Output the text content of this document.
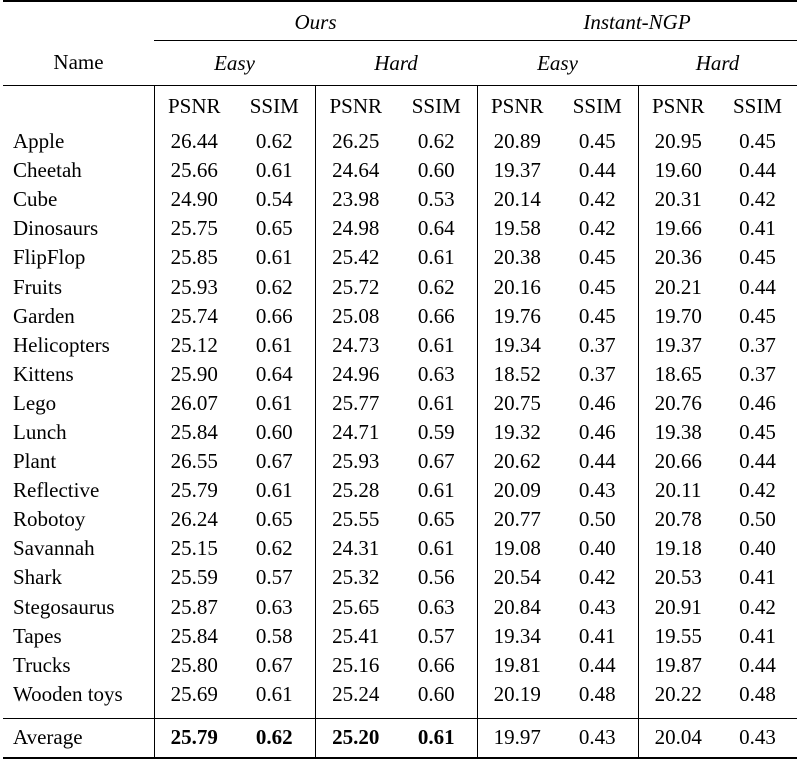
	Ours				Instant-NGP			
Name	Easy		Hard		Easy		Hard	
	PSNR	SSIM	PSNR	SSIM	PSNR	SSIM	PSNR	SSIM
Apple	26.44	0.62	26.25	0.62	20.89	0.45	20.95	0.45
Cheetah	25.66	0.61	24.64	0.60	19.37	0.44	19.60	0.44
Cube	24.90	0.54	23.98	0.53	20.14	0.42	20.31	0.42
Dinosaurs	25.75	0.65	24.98	0.64	19.58	0.42	19.66	0.41
FlipFlop	25.85	0.61	25.42	0.61	20.38	0.45	20.36	0.45
Fruits	25.93	0.62	25.72	0.62	20.16	0.45	20.21	0.44
Garden	25.74	0.66	25.08	0.66	19.76	0.45	19.70	0.45
Helicopters	25.12	0.61	24.73	0.61	19.34	0.37	19.37	0.37
Kittens	25.90	0.64	24.96	0.63	18.52	0.37	18.65	0.37
Lego	26.07	0.61	25.77	0.61	20.75	0.46	20.76	0.46
Lunch	25.84	0.60	24.71	0.59	19.32	0.46	19.38	0.45
Plant	26.55	0.67	25.93	0.67	20.62	0.44	20.66	0.44
Reflective	25.79	0.61	25.28	0.61	20.09	0.43	20.11	0.42
Robotoy	26.24	0.65	25.55	0.65	20.77	0.50	20.78	0.50
Savannah	25.15	0.62	24.31	0.61	19.08	0.40	19.18	0.40
Shark	25.59	0.57	25.32	0.56	20.54	0.42	20.53	0.41
Stegosaurus	25.87	0.63	25.65	0.63	20.84	0.43	20.91	0.42
Tapes	25.84	0.58	25.41	0.57	19.34	0.41	19.55	0.41
Trucks	25.80	0.67	25.16	0.66	19.81	0.44	19.87	0.44
Wooden toys	25.69	0.61	25.24	0.60	20.19	0.48	20.22	0.48

Average	25.79	0.62	25.20	0.61	19.97	0.43	20.04	0.43
